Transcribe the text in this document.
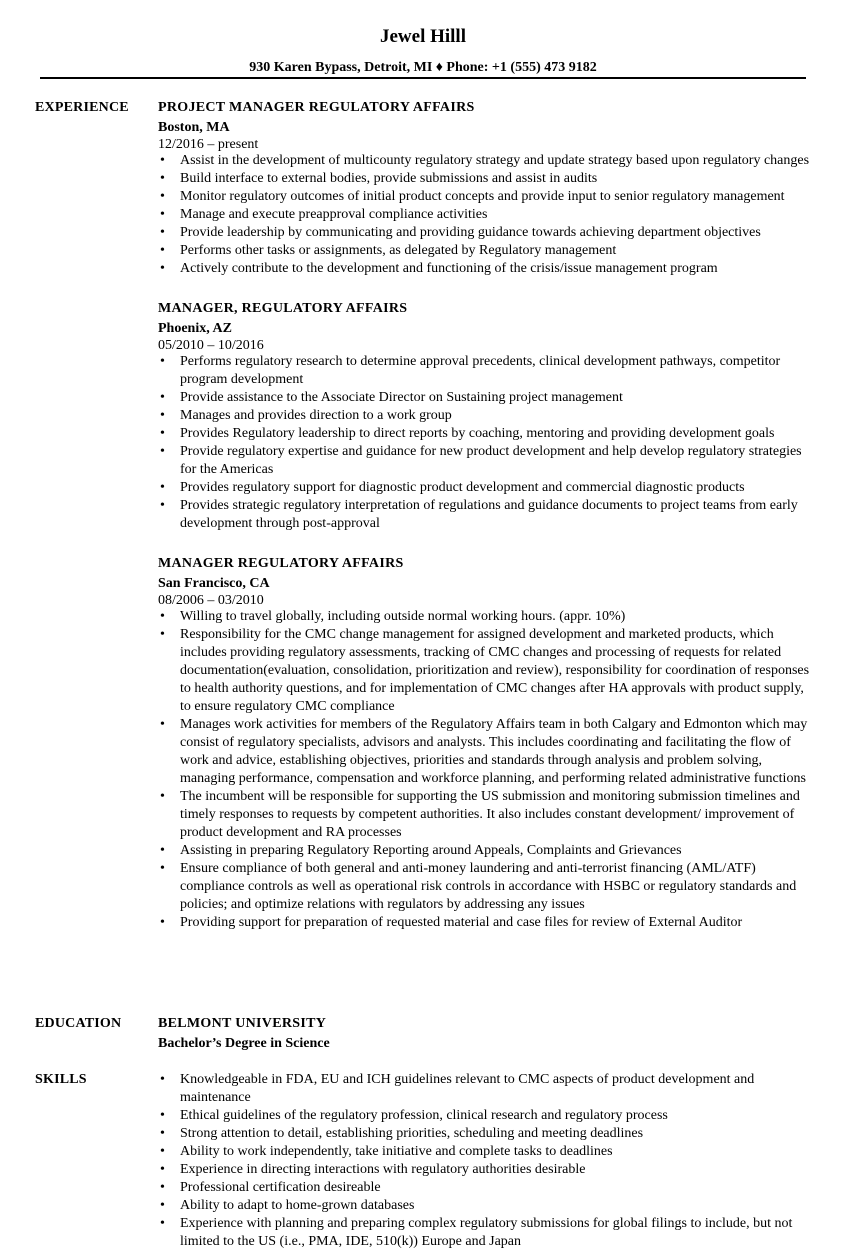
Jewel Hilll
930 Karen Bypass, Detroit, MI ♦ Phone: +1 (555) 473 9182
EXPERIENCE	PROJECT MANAGER REGULATORY AFFAIRS

Boston, MA

12/2016 – present

• Assist in the development of multicounty regulatory strategy and update strategy based upon regulatory changes
• Build interface to external bodies, provide submissions and assist in audits
• Monitor regulatory outcomes of initial product concepts and provide input to senior regulatory management
• Manage and execute preapproval compliance activities
• Provide leadership by communicating and providing guidance towards achieving department objectives
• Performs other tasks or assignments, as delegated by Regulatory management
• Actively contribute to the development and functioning of the crisis/issue management program

MANAGER, REGULATORY AFFAIRS

Phoenix, AZ

05/2010 – 10/2016

• Performs regulatory research to determine approval precedents, clinical development pathways, competitor program development
• Provide assistance to the Associate Director on Sustaining project management
• Manages and provides direction to a work group
• Provides Regulatory leadership to direct reports by coaching, mentoring and providing development goals
• Provide regulatory expertise and guidance for new product development and help develop regulatory strategies for the Americas
• Provides regulatory support for diagnostic product development and commercial diagnostic products
• Provides strategic regulatory interpretation of regulations and guidance documents to project teams from early development through post-approval

MANAGER REGULATORY AFFAIRS

San Francisco, CA

08/2006 – 03/2010

• Willing to travel globally, including outside normal working hours. (appr. 10%)
• Responsibility for the CMC change management for assigned development and marketed products, which includes providing regulatory assessments, tracking of CMC changes and processing of requests for related documentation(evaluation, consolidation, prioritization and review), responsibility for coordination of responses to health authority questions, and for implementation of CMC changes after HA approvals with product supply, to ensure regulatory CMC compliance
• Manages work activities for members of the Regulatory Affairs team in both Calgary and Edmonton which may consist of regulatory specialists, advisors and analysts. This includes coordinating and facilitating the flow of work and advice, establishing objectives, priorities and standards through analysis and problem solving, managing performance, compensation and workforce planning, and performing related administrative functions
• The incumbent will be responsible for supporting the US submission and monitoring submission timelines and timely responses to requests by competent authorities. It also includes constant development/ improvement of product development and RA processes
• Assisting in preparing Regulatory Reporting around Appeals, Complaints and Grievances
• Ensure compliance of both general and anti-money laundering and anti-terrorist financing (AML/ATF) compliance controls as well as operational risk controls in accordance with HSBC or regulatory standards and policies; and optimize relations with regulators by addressing any issues
• Providing support for preparation of requested material and case files for review of External Auditor
EDUCATION	BELMONT UNIVERSITY

Bachelor’s Degree in Science

SKILLS	• Knowledgeable in FDA, EU and ICH guidelines relevant to CMC aspects of product development and maintenance
• Ethical guidelines of the regulatory profession, clinical research and regulatory process
• Strong attention to detail, establishing priorities, scheduling and meeting deadlines
• Ability to work independently, take initiative and complete tasks to deadlines
• Experience in directing interactions with regulatory authorities desirable
• Professional certification desireable
• Ability to adapt to home-grown databases
• Experience with planning and preparing complex regulatory submissions for global filings to include, but not limited to the US (i.e., PMA, IDE, 510(k)) Europe and Japan
